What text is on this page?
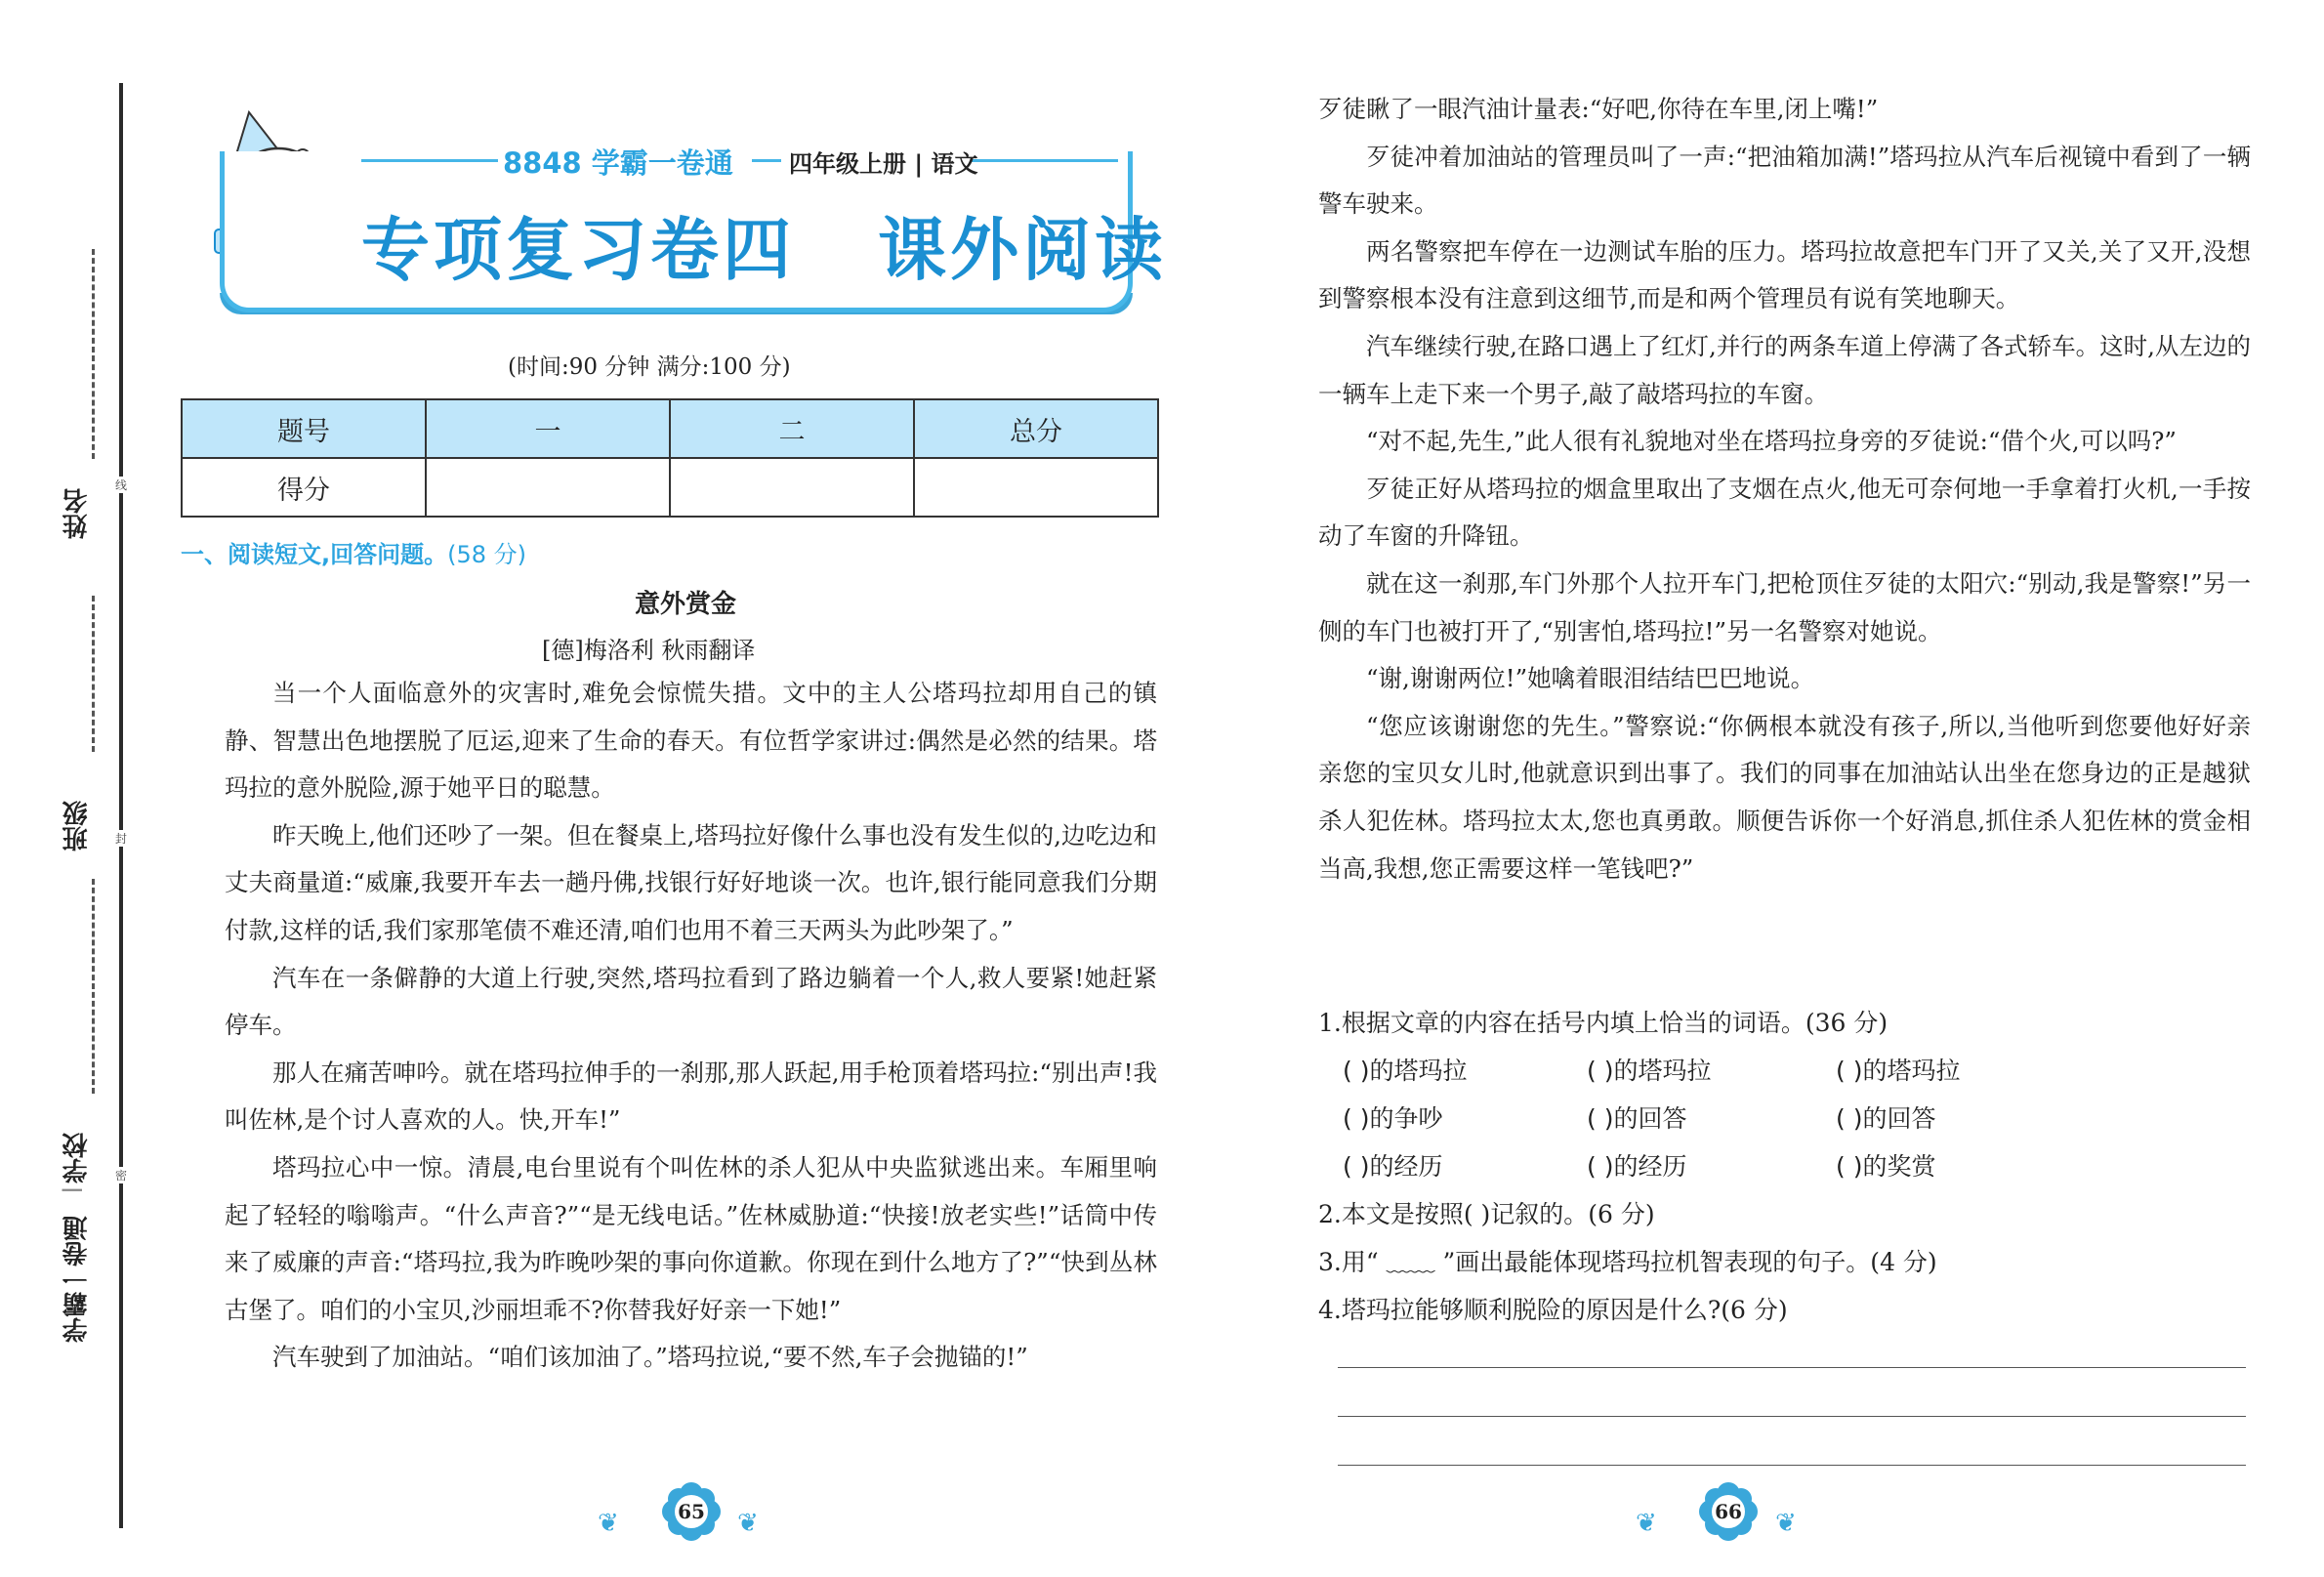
姓名
班级
学校
|
学霸一卷通
线
封
密
8848 学霸一卷通 四年级上册 | 语文
专项复习卷四   课外阅读
(时间:90 分钟 满分:100 分)
题号	一	二	总分
得分			
一、阅读短文,回答问题。(58 分)
意外赏金
[德]梅洛利 秋雨翻译

当一个人面临意外的灾害时,难免会惊慌失措。文中的主人公塔玛拉却用自己的镇静、智慧出色地摆脱了厄运,迎来了生命的春天。有位哲学家讲过:偶然是必然的结果。塔玛拉的意外脱险,源于她平日的聪慧。

昨天晚上,他们还吵了一架。但在餐桌上,塔玛拉好像什么事也没有发生似的,边吃边和丈夫商量道:“威廉,我要开车去一趟丹佛,找银行好好地谈一次。也许,银行能同意我们分期付款,这样的话,我们家那笔债不难还清,咱们也用不着三天两头为此吵架了。”

汽车在一条僻静的大道上行驶,突然,塔玛拉看到了路边躺着一个人,救人要紧!她赶紧停车。

那人在痛苦呻吟。就在塔玛拉伸手的一刹那,那人跃起,用手枪顶着塔玛拉:“别出声!我叫佐林,是个讨人喜欢的人。快,开车!”

塔玛拉心中一惊。清晨,电台里说有个叫佐林的杀人犯从中央监狱逃出来。车厢里响起了轻轻的嗡嗡声。“什么声音?”“是无线电话。”佐林威胁道:“快接!放老实些!”话筒中传来了威廉的声音:“塔玛拉,我为昨晚吵架的事向你道歉。你现在到什么地方了?”“快到丛林古堡了。咱们的小宝贝,沙丽坦乖不?你替我好好亲一下她!”

汽车驶到了加油站。“咱们该加油了。”塔玛拉说,“要不然,车子会抛锚的!”

歹徒瞅了一眼汽油计量表:“好吧,你待在车里,闭上嘴!”

歹徒冲着加油站的管理员叫了一声:“把油箱加满!”塔玛拉从汽车后视镜中看到了一辆警车驶来。

两名警察把车停在一边测试车胎的压力。塔玛拉故意把车门开了又关,关了又开,没想到警察根本没有注意到这细节,而是和两个管理员有说有笑地聊天。

汽车继续行驶,在路口遇上了红灯,并行的两条车道上停满了各式轿车。这时,从左边的一辆车上走下来一个男子,敲了敲塔玛拉的车窗。

“对不起,先生,”此人很有礼貌地对坐在塔玛拉身旁的歹徒说:“借个火,可以吗?”

歹徒正好从塔玛拉的烟盒里取出了支烟在点火,他无可奈何地一手拿着打火机,一手按动了车窗的升降钮。

就在这一刹那,车门外那个人拉开车门,把枪顶住歹徒的太阳穴:“别动,我是警察!”另一侧的车门也被打开了,“别害怕,塔玛拉!”另一名警察对她说。

“谢,谢谢两位!”她噙着眼泪结结巴巴地说。

“您应该谢谢您的先生。”警察说:“你俩根本就没有孩子,所以,当他听到您要他好好亲亲您的宝贝女儿时,他就意识到出事了。我们的同事在加油站认出坐在您身边的正是越狱杀人犯佐林。塔玛拉太太,您也真勇敢。顺便告诉你一个好消息,抓住杀人犯佐林的赏金相当高,我想,您正需要这样一笔钱吧?”

1.根据文章的内容在括号内填上恰当的词语。(36 分)
( )的塔玛拉	( )的塔玛拉	( )的塔玛拉
( )的争吵	( )的回答	( )的回答
( )的经历	( )的经历	( )的奖赏
2.本文是按照( )记叙的。(6 分)
3.用“ ﹏﹏ ”画出最能体现塔玛拉机智表现的句子。(4 分)
4.塔玛拉能够顺利脱险的原因是什么?(6 分)
65
❦	❦	66
❦	❦
